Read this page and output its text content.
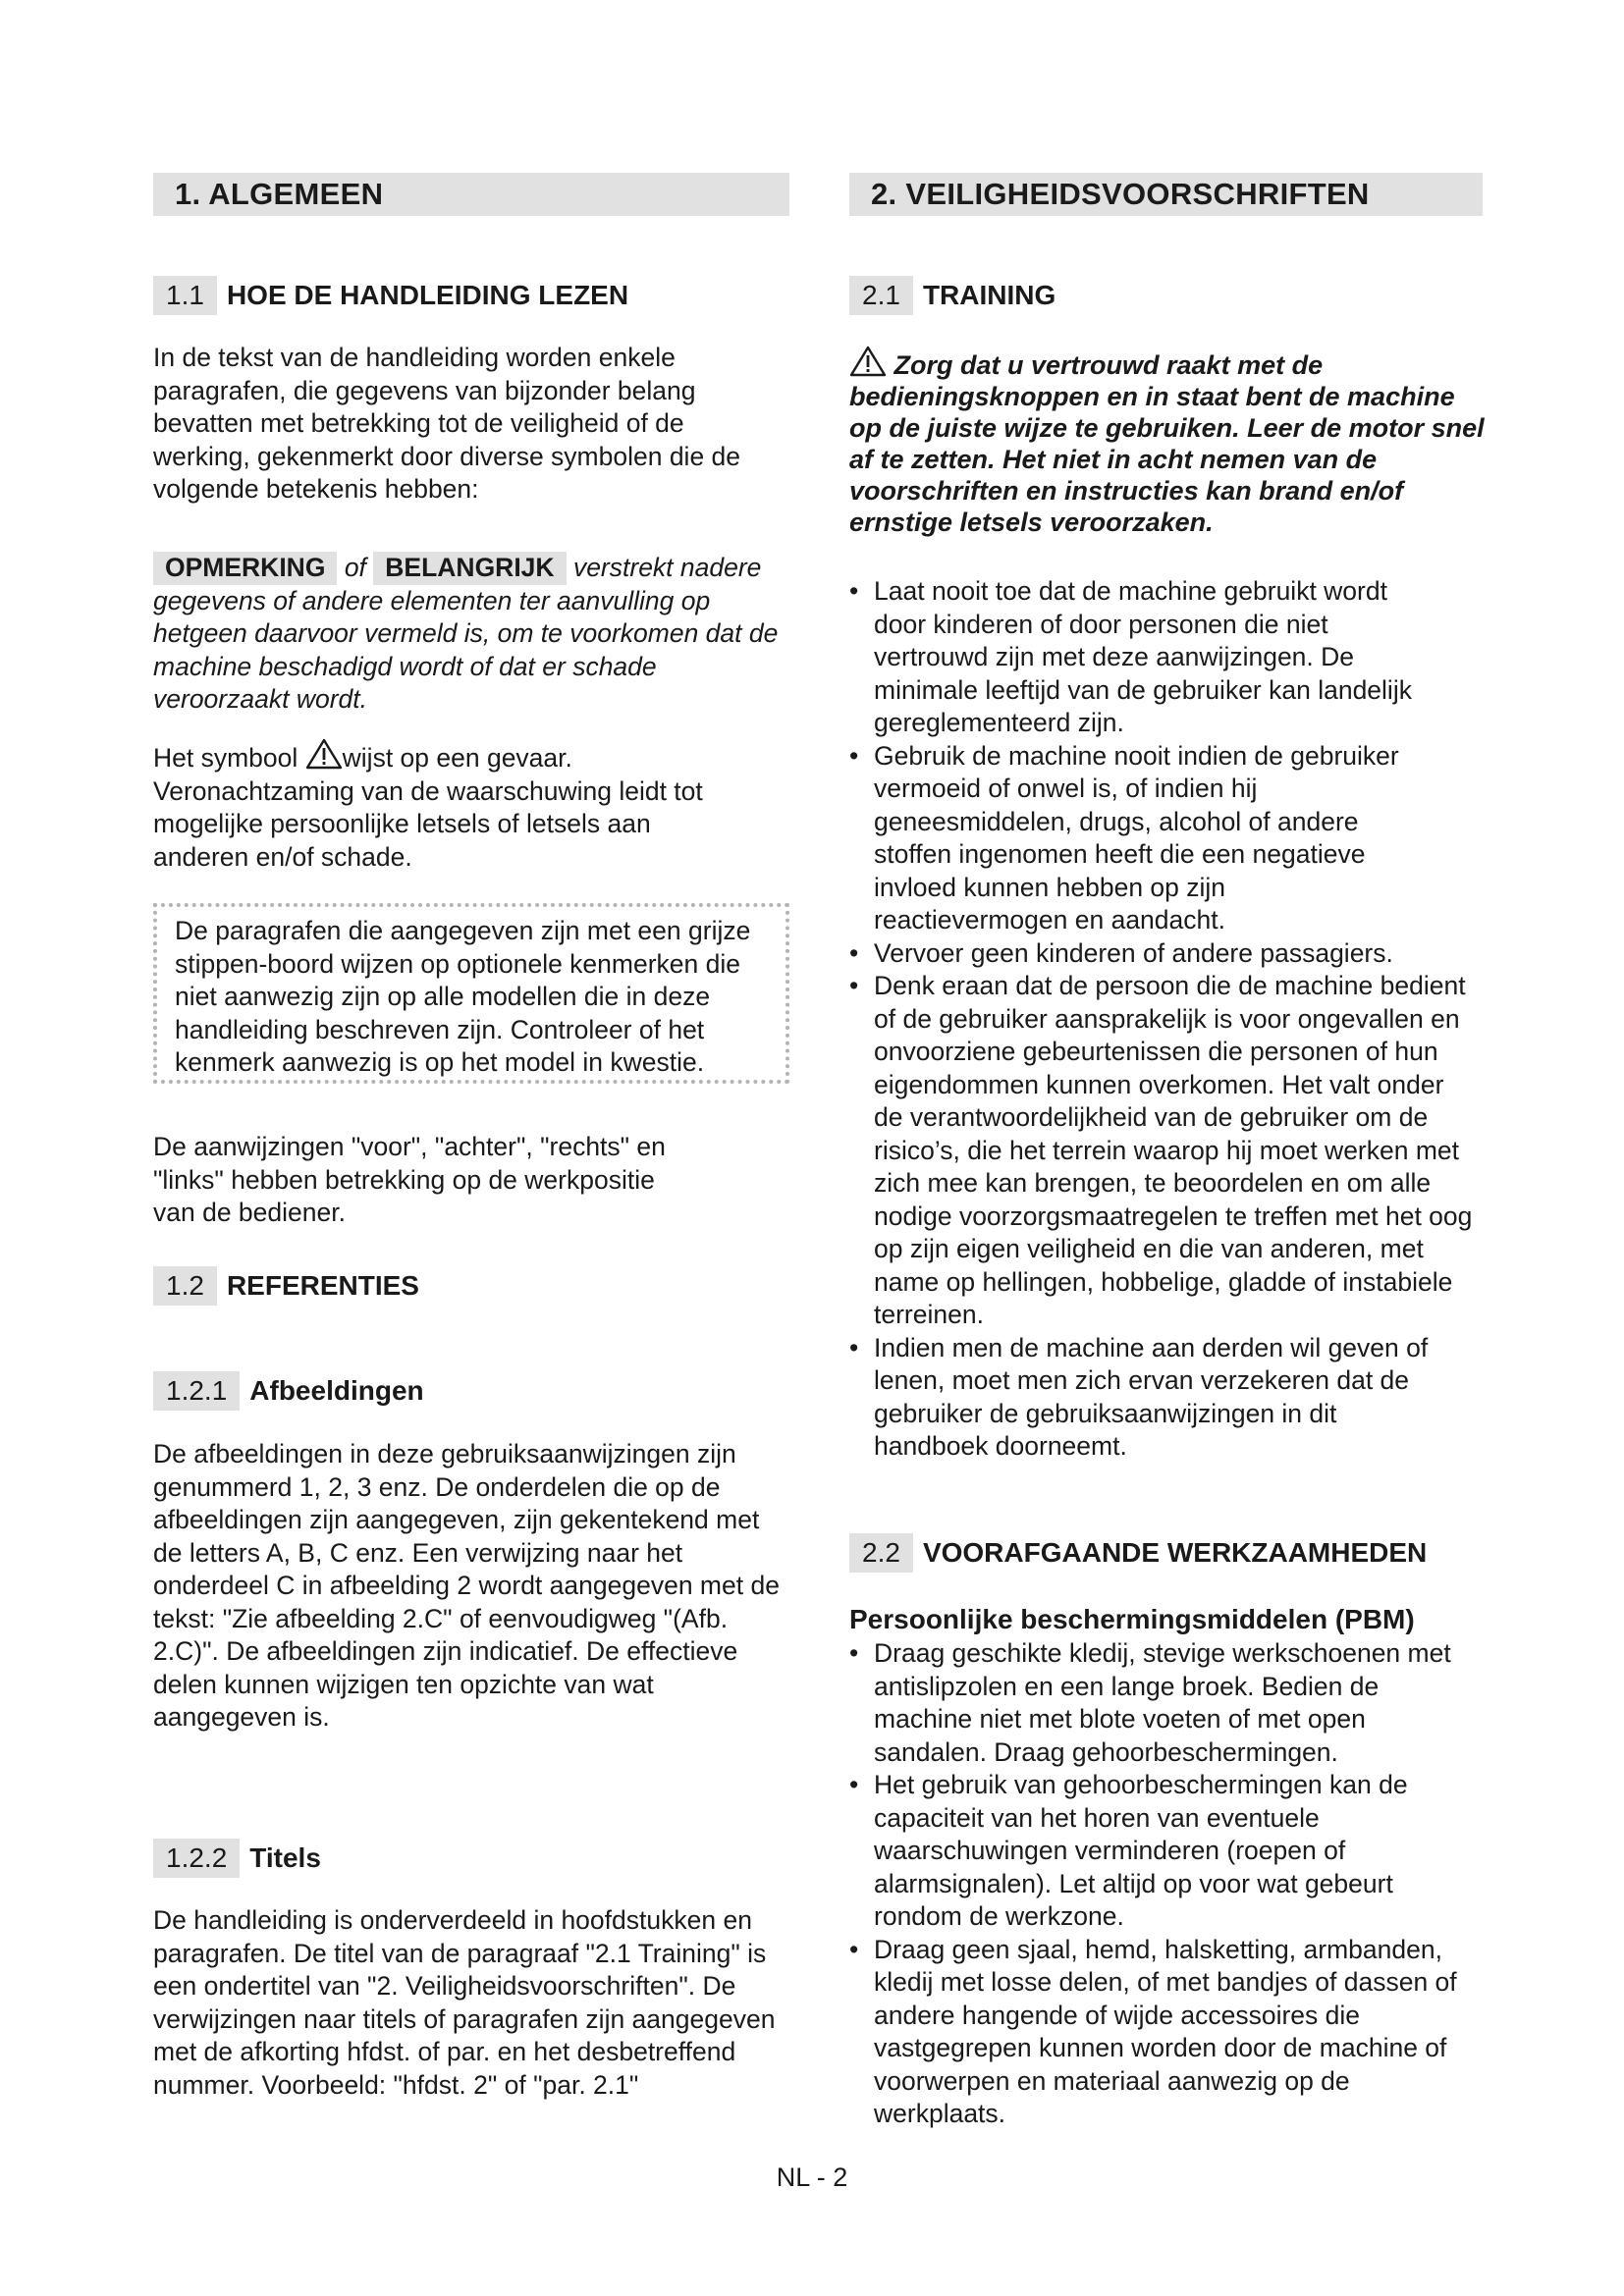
1. ALGEMEEN
1.1 HOE DE HANDLEIDING LEZEN

In de tekst van de handleiding worden enkele paragrafen, die gegevens van bijzonder belang bevatten met betrekking tot de veiligheid of de werking, gekenmerkt door diverse symbolen die de volgende betekenis hebben:

OPMERKING of BELANGRIJK verstrekt nadere gegevens of andere elementen ter aanvulling op hetgeen daarvoor vermeld is, om te voorkomen dat de machine beschadigd wordt of dat er schade veroorzaakt wordt.

Het symbool wijst op een gevaar. Veronachtzaming van de waarschuwing leidt tot mogelijke persoonlijke letsels of letsels aan anderen en/of schade.

De paragrafen die aangegeven zijn met een grijze stippen-boord wijzen op optionele kenmerken die niet aanwezig zijn op alle modellen die in deze handleiding beschreven zijn. Controleer of het kenmerk aanwezig is op het model in kwestie.

De aanwijzingen "voor", "achter", "rechts" en "links" hebben betrekking op de werkpositie van de bediener.

1.2 REFERENTIES
1.2.1 Afbeeldingen

De afbeeldingen in deze gebruiksaanwijzingen zijn genummerd 1, 2, 3 enz. De onderdelen die op de afbeeldingen zijn aangegeven, zijn gekentekend met de letters A, B, C enz. Een verwijzing naar het onderdeel C in afbeelding 2 wordt aangegeven met de tekst: "Zie afbeelding 2.C" of eenvoudigweg "(Afb. 2.C)". De afbeeldingen zijn indicatief. De effectieve delen kunnen wijzigen ten opzichte van wat aangegeven is.

1.2.2 Titels

De handleiding is onderverdeeld in hoofdstukken en paragrafen. De titel van de paragraaf "2.1 Training" is een ondertitel van "2. Veiligheidsvoorschriften". De verwijzingen naar titels of paragrafen zijn aangegeven met de afkorting hfdst. of par. en het desbetreffend nummer. Voorbeeld: "hfdst. 2" of "par. 2.1"

2. VEILIGHEIDSVOORSCHRIFTEN
2.1 TRAINING

Zorg dat u vertrouwd raakt met de bedieningsknoppen en in staat bent de machine op de juiste wijze te gebruiken. Leer de motor snel af te zetten. Het niet in acht nemen van de voorschriften en instructies kan brand en/of ernstige letsels veroorzaken.

• Laat nooit toe dat de machine gebruikt wordt door kinderen of door personen die niet vertrouwd zijn met deze aanwijzingen. De minimale leeftijd van de gebruiker kan landelijk gereglementeerd zijn.
• Gebruik de machine nooit indien de gebruiker vermoeid of onwel is, of indien hij geneesmiddelen, drugs, alcohol of andere stoffen ingenomen heeft die een negatieve invloed kunnen hebben op zijn reactievermogen en aandacht.
• Vervoer geen kinderen of andere passagiers.
• Denk eraan dat de persoon die de machine bedient of de gebruiker aansprakelijk is voor ongevallen en onvoorziene gebeurtenissen die personen of hun eigendommen kunnen overkomen. Het valt onder de verantwoordelijkheid van de gebruiker om de risico’s, die het terrein waarop hij moet werken met zich mee kan brengen, te beoordelen en om alle nodige voorzorgsmaatregelen te treffen met het oog op zijn eigen veiligheid en die van anderen, met name op hellingen, hobbelige, gladde of instabiele terreinen.
• Indien men de machine aan derden wil geven of lenen, moet men zich ervan verzekeren dat de gebruiker de gebruiksaanwijzingen in dit handboek doorneemt.
2.2 VOORAFGAANDE WERKZAAMHEDEN
Persoonlijke beschermingsmiddelen (PBM)
• Draag geschikte kledij, stevige werkschoenen met antislipzolen en een lange broek. Bedien de machine niet met blote voeten of met open sandalen. Draag gehoorbeschermingen.
• Het gebruik van gehoorbeschermingen kan de capaciteit van het horen van eventuele waarschuwingen verminderen (roepen of alarmsignalen). Let altijd op voor wat gebeurt rondom de werkzone.
• Draag geen sjaal, hemd, halsketting, armbanden, kledij met losse delen, of met bandjes of dassen of andere hangende of wijde accessoires die vastgegrepen kunnen worden door de machine of voorwerpen en materiaal aanwezig op de werkplaats.
NL - 2
